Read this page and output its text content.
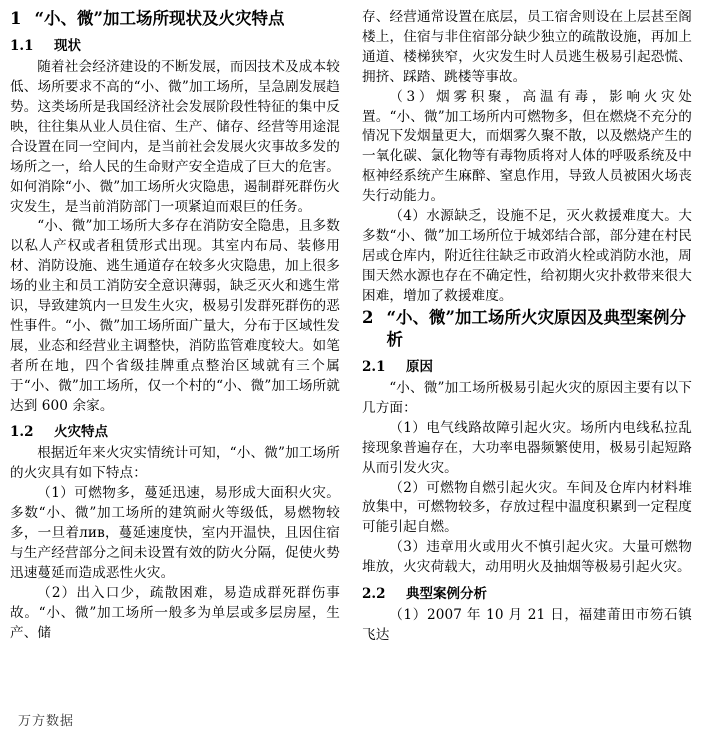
1 “小、微”加工场所现状及火灾特点
1.1 现状

随着社会经济建设的不断发展，而因技术及成本较低、场所要求不高的“小、微”加工场所，呈急剧发展趋势。这类场所是我国经济社会发展阶段性特征的集中反映，往往集从业人员住宿、生产、储存、经营等用途混合设置在同一空间内，是当前社会发展火灾事故多发的场所之一，给人民的生命财产安全造成了巨大的危害。如何消除“小、微”加工场所火灾隐患，遏制群死群伤火灾发生，是当前消防部门一项紧迫而艰巨的任务。

“小、微”加工场所大多存在消防安全隐患，且多数以私人产权或者租赁形式出现。其室内布局、装修用材、消防设施、逃生通道存在较多火灾隐患，加上很多场的业主和员工消防安全意识薄弱，缺乏灭火和逃生常识，导致建筑内一旦发生火灾，极易引发群死群伤的恶性事件。“小、微”加工场所面广量大，分布于区域性发展，业态和经营业主调整快，消防监管难度较大。如笔者所在地，四个省级挂牌重点整治区域就有三个属于“小、微”加工场所，仅一个村的“小、微”加工场所就达到 600 余家。

1.2 火灾特点

根据近年来火灾实情统计可知，“小、微”加工场所的火灾具有如下特点：

（1）可燃物多，蔓延迅速，易形成大面积火灾。多数“小、微”加工场所的建筑耐火等级低，易燃物较多，一旦着лив，蔓延速度快，室内开温快，且因住宿与生产经营部分之间未设置有效的防火分隔，促使火势迅速蔓延而造成恶性火灾。

（2）出入口少，疏散困难，易造成群死群伤事故。“小、微”加工场所一般多为单层或多层房屋，生产、储

存、经营通常设置在底层，员工宿舍则设在上层甚至阁楼上，住宿与非住宿部分缺少独立的疏散设施，再加上通道、楼梯狭窄，火灾发生时人员逃生极易引起恐慌、拥挤、踩踏、跳楼等事故。

（3）烟雾积聚，高温有毒，影响火灾处置。“小、微”加工场所内可燃物多，但在燃烧不充分的情况下发烟量更大，而烟雾久聚不散，以及燃烧产生的一氧化碳、氯化物等有毒物质将对人体的呼吸系统及中枢神经系统产生麻醉、窒息作用，导致人员被困火场丧失行动能力。

（4）水源缺乏，设施不足，灭火救援难度大。大多数“小、微”加工场所位于城郊结合部，部分建在村民居或仓库内，附近往往缺乏市政消火栓或消防水池，周围天然水源也存在不确定性，给初期火灾扑救带来很大困难，增加了救援难度。

2 “小、微”加工场所火灾原因及典型案例分析
2.1 原因

“小、微”加工场所极易引起火灾的原因主要有以下几方面：

（1）电气线路故障引起火灾。场所内电线私拉乱接现象普遍存在，大功率电器频繁使用，极易引起短路从而引发火灾。

（2）可燃物自燃引起火灾。车间及仓库内材料堆放集中，可燃物较多，存放过程中温度积累到一定程度可能引起自燃。

（3）违章用火或用火不慎引起火灾。大量可燃物堆放，火灾荷载大，动用明火及抽烟等极易引起火灾。

2.2 典型案例分析

（1）2007 年 10 月 21 日，福建莆田市笏石镇飞达

万方数据
